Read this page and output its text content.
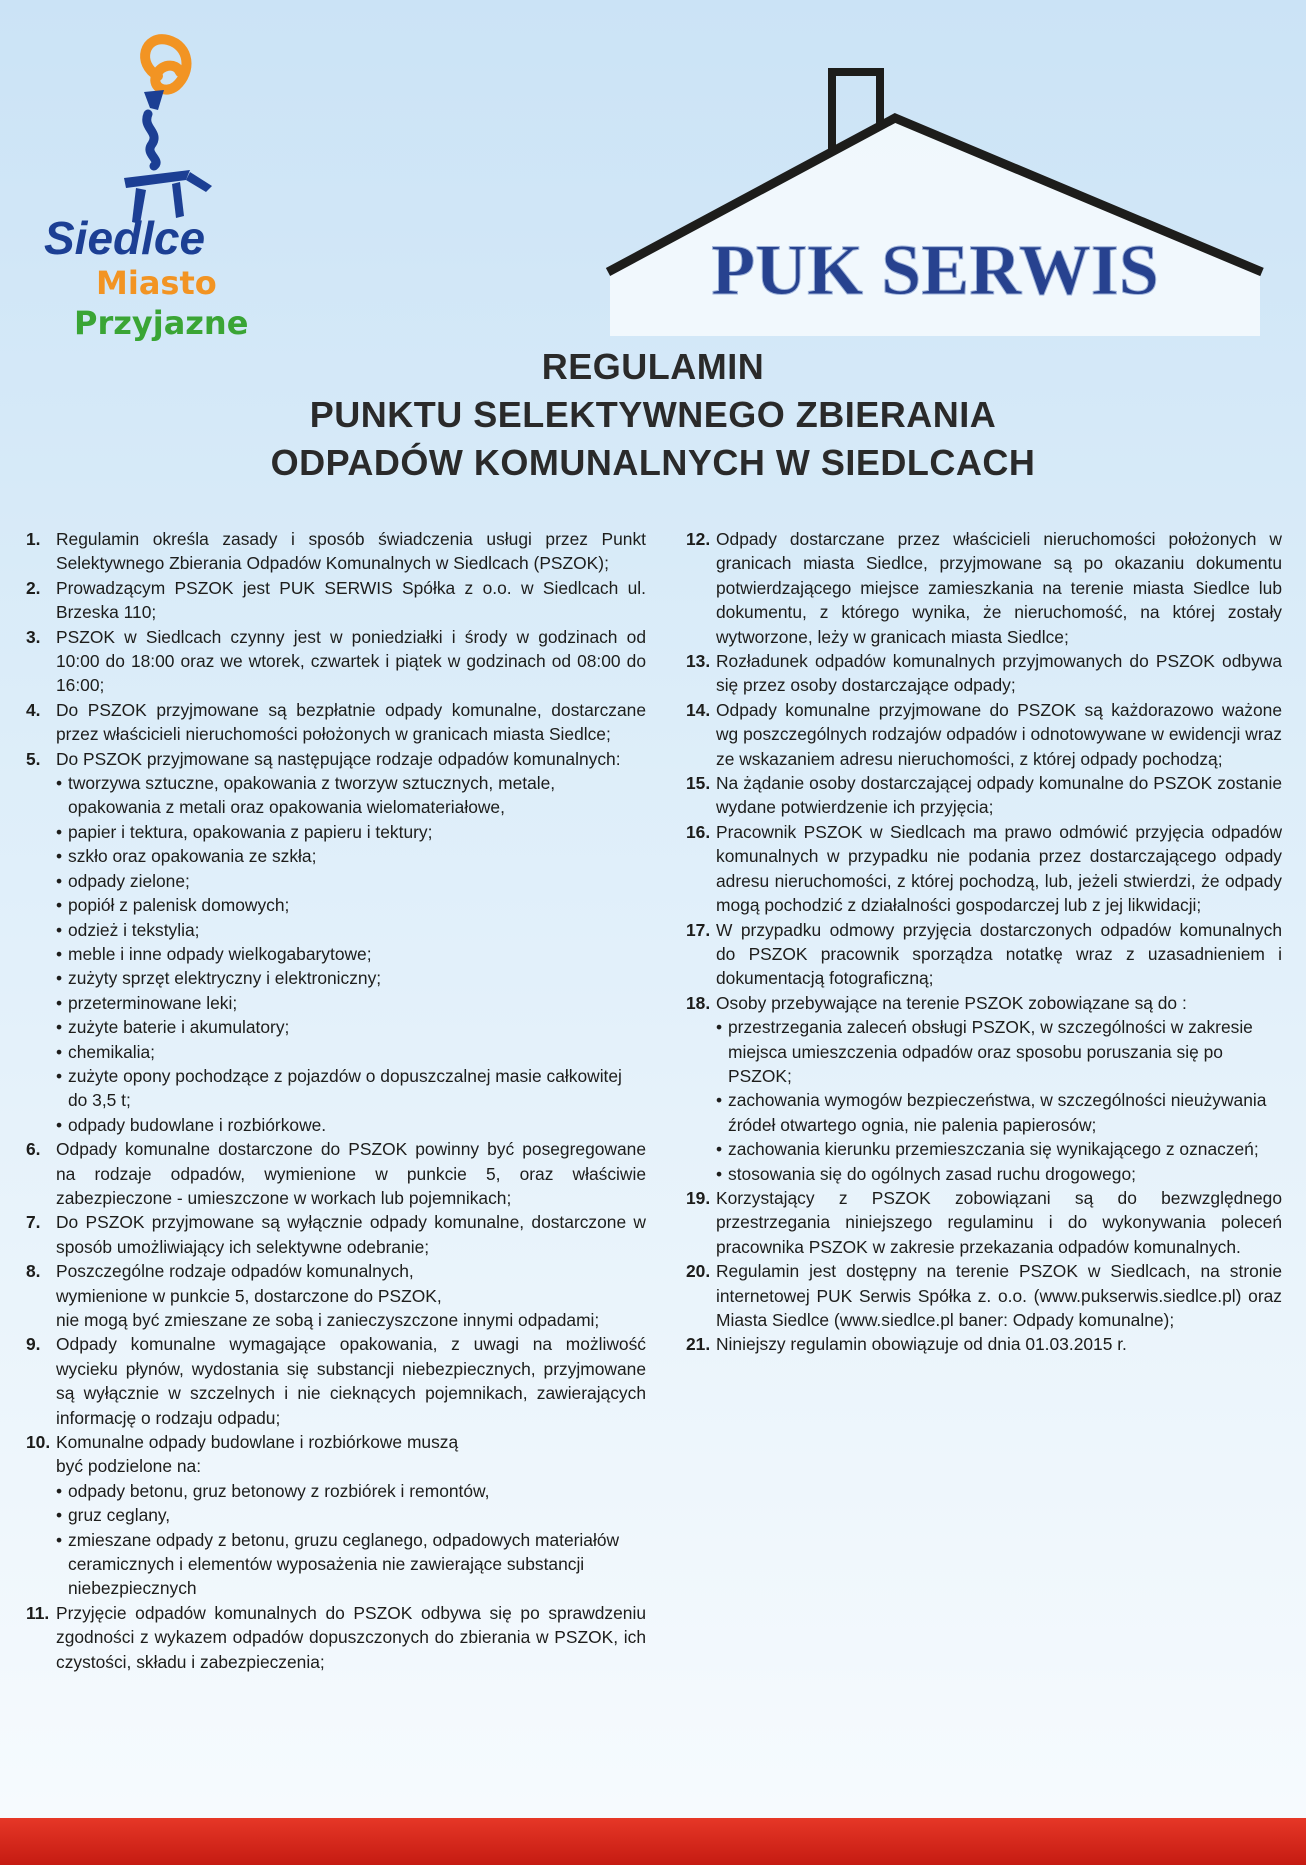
Siedlce
Miasto
Przyjazne
PUK SERWIS
REGULAMIN
PUNKTU SELEKTYWNEGO ZBIERANIA
ODPADÓW KOMUNALNYCH W SIEDLCACH
1. Regulamin określa zasady i sposób świadczenia usługi przez Punkt Selektywnego Zbierania Odpadów Komunalnych w Siedlcach (PSZOK);
2. Prowadzącym PSZOK jest PUK SERWIS Spółka z o.o. w Siedlcach ul. Brzeska 110;
3. PSZOK w Siedlcach czynny jest w poniedziałki i środy w godzinach od 10:00 do 18:00 oraz we wtorek, czwartek i piątek w godzinach od 08:00 do 16:00;
4. Do PSZOK przyjmowane są bezpłatnie odpady komunalne, dostarczane przez właścicieli nieruchomości położonych w granicach miasta Siedlce;
5. Do PSZOK przyjmowane są następujące rodzaje odpadów komunalnych:
• tworzywa sztuczne, opakowania z tworzyw sztucznych, metale, opakowania z metali oraz opakowania wielomateriałowe,
• papier i tektura, opakowania z papieru i tektury;
• szkło oraz opakowania ze szkła;
• odpady zielone;
• popiół z palenisk domowych;
• odzież i tekstylia;
• meble i inne odpady wielkogabarytowe;
• zużyty sprzęt elektryczny i elektroniczny;
• przeterminowane leki;
• zużyte baterie i akumulatory;
• chemikalia;
• zużyte opony pochodzące z pojazdów o dopuszczalnej masie całkowitej do 3,5 t;
• odpady budowlane i rozbiórkowe.
6. Odpady komunalne dostarczone do PSZOK powinny być posegregowane na rodzaje odpadów, wymienione w punkcie 5, oraz właściwie zabezpieczone - umieszczone w workach lub pojemnikach;
7. Do PSZOK przyjmowane są wyłącznie odpady komunalne, dostarczone w sposób umożliwiający ich selektywne odebranie;
8. Poszczególne rodzaje odpadów komunalnych,
wymienione w punkcie 5, dostarczone do PSZOK,
nie mogą być zmieszane ze sobą i zanieczyszczone innymi odpadami;
9. Odpady komunalne wymagające opakowania, z uwagi na możliwość wycieku płynów, wydostania się substancji niebezpiecznych, przyjmowane są wyłącznie w szczelnych i nie cieknących pojemnikach, zawierających informację o rodzaju odpadu;
10. Komunalne odpady budowlane i rozbiórkowe muszą
być podzielone na:
• odpady betonu, gruz betonowy z rozbiórek i remontów,
• gruz ceglany,
• zmieszane odpady z betonu, gruzu ceglanego, odpadowych materiałów ceramicznych i elementów wyposażenia nie zawierające substancji niebezpiecznych
11. Przyjęcie odpadów komunalnych do PSZOK odbywa się po sprawdzeniu zgodności z wykazem odpadów dopuszczonych do zbierania w PSZOK, ich czystości, składu i zabezpieczenia;
12. Odpady dostarczane przez właścicieli nieruchomości położonych w granicach miasta Siedlce, przyjmowane są po okazaniu dokumentu potwierdzającego miejsce zamieszkania na terenie miasta Siedlce lub dokumentu, z którego wynika, że nieruchomość, na której zostały wytworzone, leży w granicach miasta Siedlce;
13. Rozładunek odpadów komunalnych przyjmowanych do PSZOK odbywa się przez osoby dostarczające odpady;
14. Odpady komunalne przyjmowane do PSZOK są każdorazowo ważone wg poszczególnych rodzajów odpadów i odnotowywane w ewidencji wraz ze wskazaniem adresu nieruchomości, z której odpady pochodzą;
15. Na żądanie osoby dostarczającej odpady komunalne do PSZOK zostanie wydane potwierdzenie ich przyjęcia;
16. Pracownik PSZOK w Siedlcach ma prawo odmówić przyjęcia odpadów komunalnych w przypadku nie podania przez dostarczającego odpady adresu nieruchomości, z której pochodzą, lub, jeżeli stwierdzi, że odpady mogą pochodzić z działalności gospodarczej lub z jej likwidacji;
17. W przypadku odmowy przyjęcia dostarczonych odpadów komunalnych do PSZOK pracownik sporządza notatkę wraz z uzasadnieniem i dokumentacją fotograficzną;
18. Osoby przebywające na terenie PSZOK zobowiązane są do :
• przestrzegania zaleceń obsługi PSZOK, w szczególności w zakresie miejsca umieszczenia odpadów oraz sposobu poruszania się po PSZOK;
• zachowania wymogów bezpieczeństwa, w szczególności nieużywania źródeł otwartego ognia, nie palenia papierosów;
• zachowania kierunku przemieszczania się wynikającego z oznaczeń;
• stosowania się do ogólnych zasad ruchu drogowego;
19. Korzystający z PSZOK zobowiązani są do bezwzględnego przestrzegania niniejszego regulaminu i do wykonywania poleceń pracownika PSZOK w zakresie przekazania odpadów komunalnych.
20. Regulamin jest dostępny na terenie PSZOK w Siedlcach, na stronie internetowej PUK Serwis Spółka z. o.o. (www.pukserwis.siedlce.pl) oraz Miasta Siedlce (www.siedlce.pl baner: Odpady komunalne);
21. Niniejszy regulamin obowiązuje od dnia 01.03.2015 r.
